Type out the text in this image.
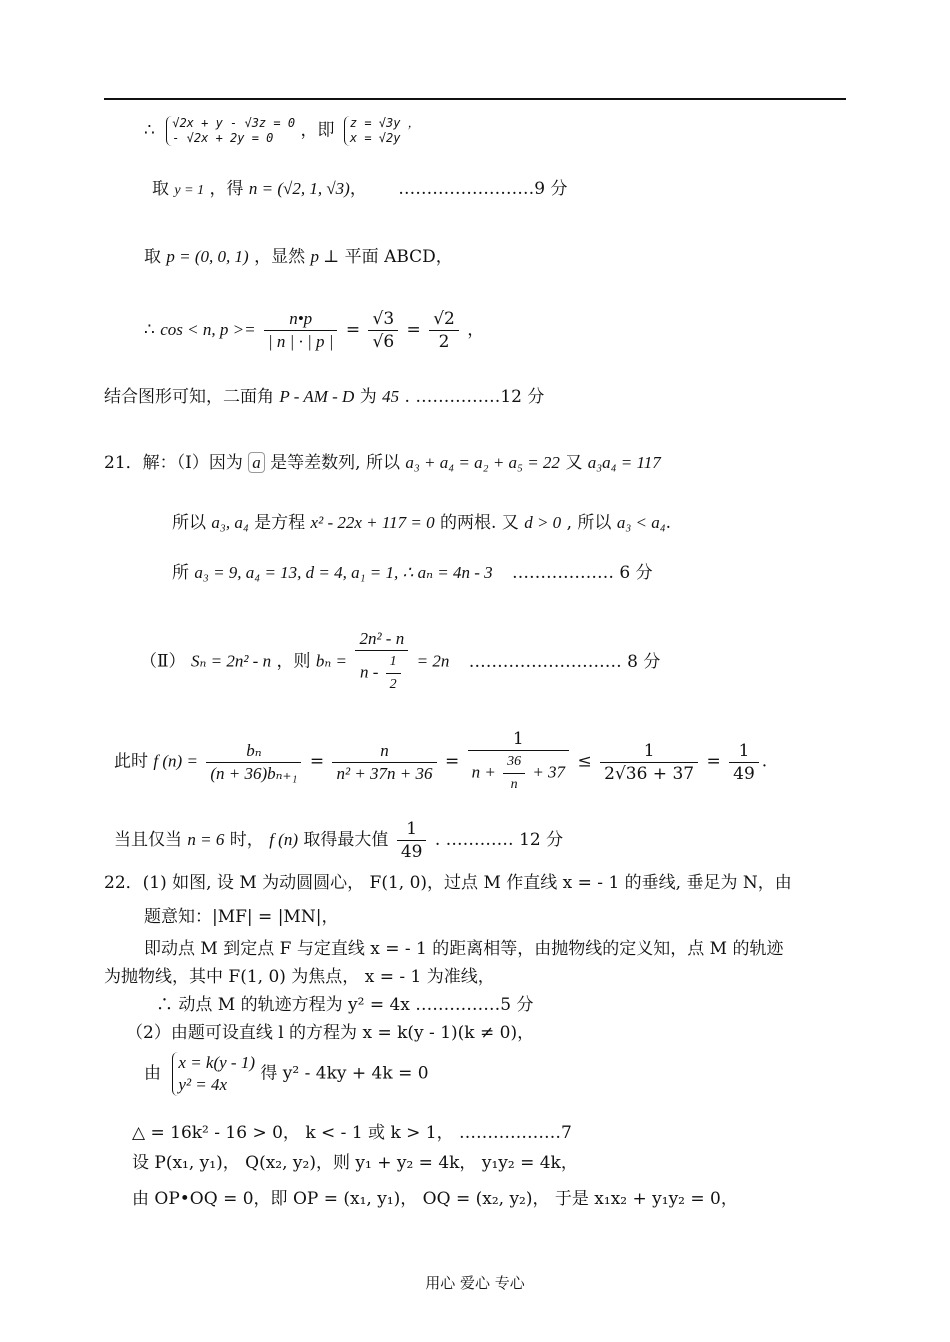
∴ √2x + y - √3z = 0
- √2x + 2y = 0	，即 z = √3y ，
x = √2y
取 y = 1 ，得 n = (√2, 1, √3)， ……………………9 分
取 p = (0, 0, 1) ，显然 p ⊥ 平面 ABCD，
∴ cos < n, $p >= \frac{n•p}{| n | \cdot | p |} = \frac{√3}{√6} = \frac{√2}{2}$ ，
结合图形可知，二面角 P - AM - D 为 45 . ……………12 分
21．解：（Ⅰ）因为 a 是等差数列, 所以 a₃ + a₄ = a₂ + a₅ = 22 又 a₃a₄ = 117
所以 a₃, a₄ 是方程 x² - 22x + 117 = 0 的两根. 又 d > 0 , 所以 a₃ < a₄.
所 a₃ = 9, a₄ = 13, d = 4, a₁ = 1, ∴ aₙ = 4n - 3 ……………… 6 分
（Ⅱ） Sₙ = 2n² - n ，则 $b_n = \frac{\text{2n² - n}}{n - \frac{1}{2}} = 2n$ ……………………… 8 分
此时 f $(n) = \frac{\text{bₙ}}{\text{(n + 36)bₙ₊₁}} = \frac{n}{\text{n² + 37n + 36}} = \frac{1}{n + \frac{36}{n} + 37} \le \frac{1}{2√36 + 37} = \frac{1}{49}$ .
当且仅当 n = 6 时， f (n) 取得最大值 $\frac{1}{49}$ . ………… 12 分
22．(1) 如图, 设 M 为动圆圆心， F(1, 0)，过点 M 作直线 x = - 1 的垂线, 垂足为 N，由
题意知：|MF| = |MN|，
即动点 M 到定点 F 与定直线 x = - 1 的距离相等，由抛物线的定义知，点 M 的轨迹
为抛物线，其中 F(1, 0) 为焦点， x = - 1 为准线，
∴ 动点 M 的轨迹方程为 y² = 4x ……………5 分
（2）由题可设直线 l 的方程为 x = k(y - 1)(k ≠ 0)，
由
x = k(y - 1)
y² = 4x
得 y² - 4ky + 4k = 0
△ = 16k² - 16 > 0， k < - 1 或 k > 1， ………………7
设 P(x₁, y₁)， Q(x₂, y₂)，则 y₁ + y₂ = 4k， y₁y₂ = 4k，
由 OP•OQ = 0，即 OP = (x₁, y₁)， OQ = (x₂, y₂)， 于是 x₁x₂ + y₁y₂ = 0，
用心 爱心 专心
